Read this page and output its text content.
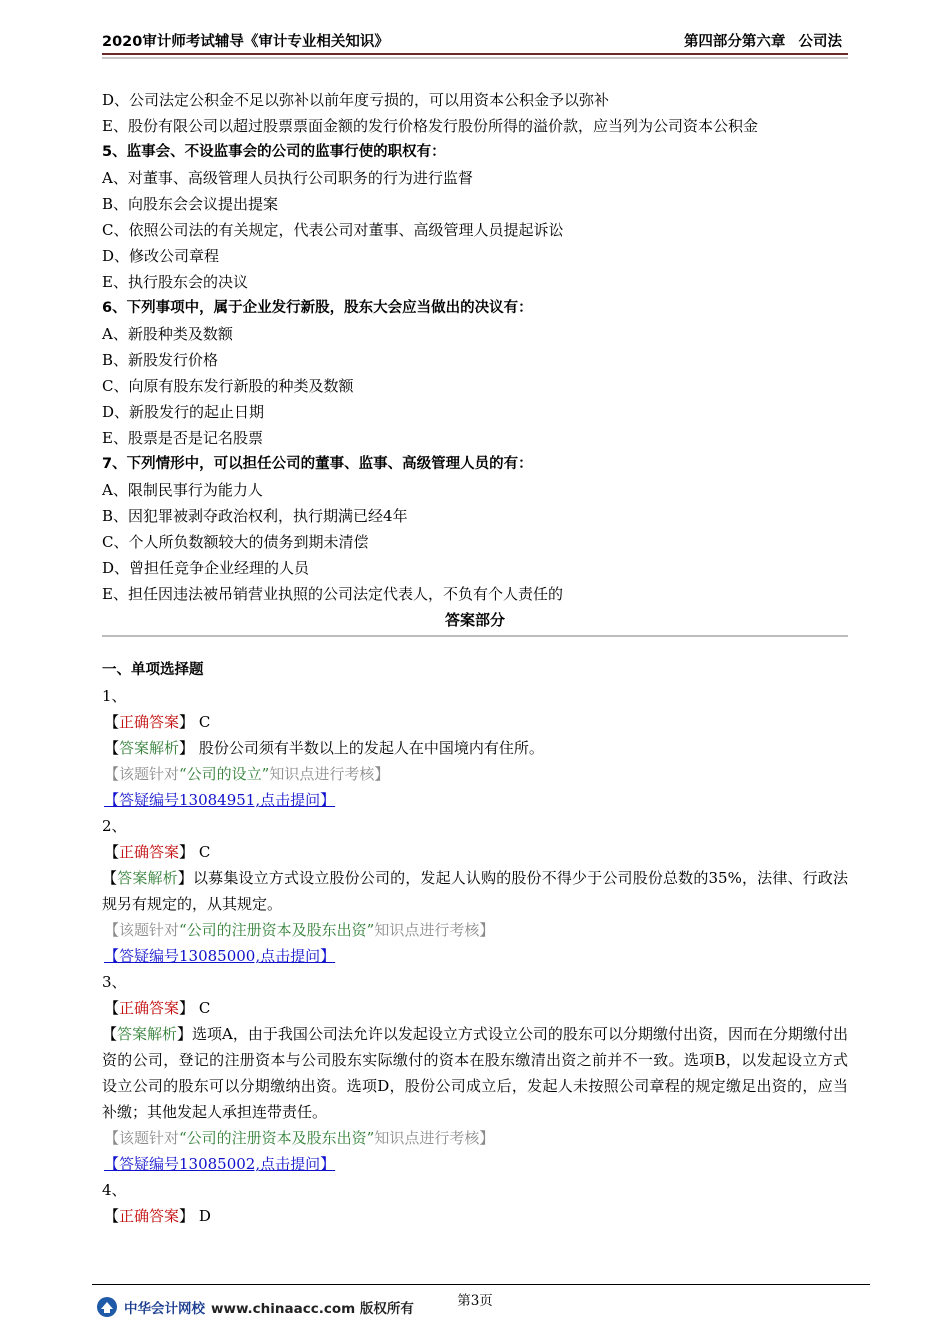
2020审计师考试辅导《审计专业相关知识》	第四部分第六章 公司法
D、公司法定公积金不足以弥补以前年度亏损的，可以用资本公积金予以弥补
E、股份有限公司以超过股票票面金额的发行价格发行股份所得的溢价款，应当列为公司资本公积金
5、监事会、不设监事会的公司的监事行使的职权有：
A、对董事、高级管理人员执行公司职务的行为进行监督
B、向股东会会议提出提案
C、依照公司法的有关规定，代表公司对董事、高级管理人员提起诉讼
D、修改公司章程
E、执行股东会的决议
6、下列事项中，属于企业发行新股，股东大会应当做出的决议有：
A、新股种类及数额
B、新股发行价格
C、向原有股东发行新股的种类及数额
D、新股发行的起止日期
E、股票是否是记名股票
7、下列情形中，可以担任公司的董事、监事、高级管理人员的有：
A、限制民事行为能力人
B、因犯罪被剥夺政治权利，执行期满已经4年
C、个人所负数额较大的债务到期未清偿
D、曾担任竞争企业经理的人员
E、担任因违法被吊销营业执照的公司法定代表人，不负有个人责任的
答案部分
一、单项选择题
1、
【正确答案】 C
【答案解析】 股份公司须有半数以上的发起人在中国境内有住所。
【该题针对“公司的设立”知识点进行考核】
【答疑编号13084951,点击提问】
2、
【正确答案】 C
【答案解析】以募集设立方式设立股份公司的，发起人认购的股份不得少于公司股份总数的35%，法律、行政法规另有规定的，从其规定。
【该题针对“公司的注册资本及股东出资”知识点进行考核】
【答疑编号13085000,点击提问】
3、
【正确答案】 C
【答案解析】选项A，由于我国公司法允许以发起设立方式设立公司的股东可以分期缴付出资，因而在分期缴付出资的公司，登记的注册资本与公司股东实际缴付的资本在股东缴清出资之前并不一致。选项B，以发起设立方式设立公司的股东可以分期缴纳出资。选项D，股份公司成立后，发起人未按照公司章程的规定缴足出资的，应当补缴；其他发起人承担连带责任。
【该题针对“公司的注册资本及股东出资”知识点进行考核】
【答疑编号13085002,点击提问】
4、
【正确答案】 D
第3页
中华会计网校 www.chinaacc.com 版权所有
